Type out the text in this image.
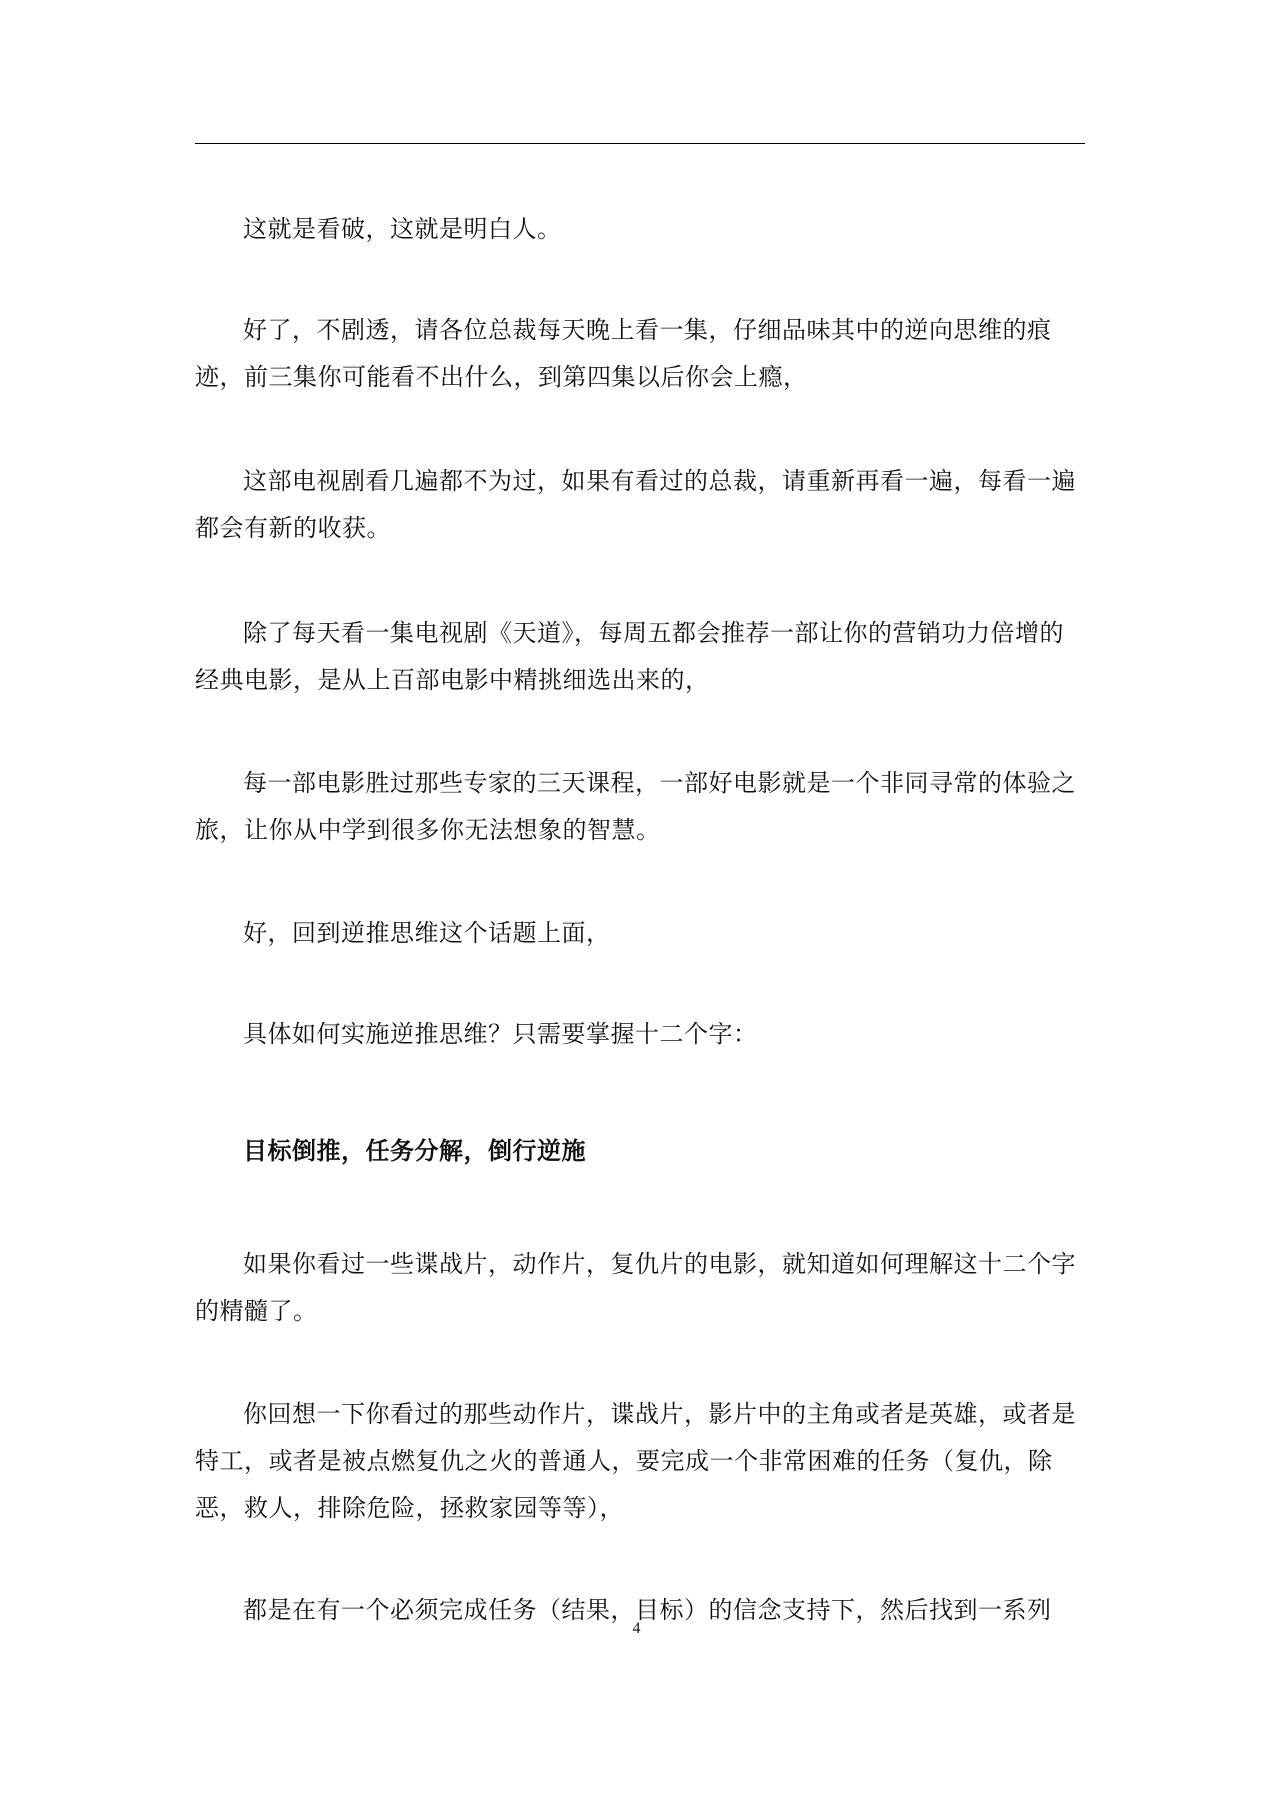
这就是看破，这就是明白人。

好了，不剧透，请各位总裁每天晚上看一集，仔细品味其中的逆向思维的痕迹，前三集你可能看不出什么，到第四集以后你会上瘾，

这部电视剧看几遍都不为过，如果有看过的总裁，请重新再看一遍，每看一遍都会有新的收获。

除了每天看一集电视剧《天道》，每周五都会推荐一部让你的营销功力倍增的经典电影，是从上百部电影中精挑细选出来的，

每一部电影胜过那些专家的三天课程，一部好电影就是一个非同寻常的体验之旅，让你从中学到很多你无法想象的智慧。

好，回到逆推思维这个话题上面，

具体如何实施逆推思维？只需要掌握十二个字：

目标倒推，任务分解，倒行逆施

如果你看过一些谍战片，动作片，复仇片的电影，就知道如何理解这十二个字的精髓了。

你回想一下你看过的那些动作片，谍战片，影片中的主角或者是英雄，或者是特工，或者是被点燃复仇之火的普通人，要完成一个非常困难的任务（复仇，除恶，救人，排除危险，拯救家园等等），

都是在有一个必须完成任务（结果，目标）的信念支持下，然后找到一系列

4
